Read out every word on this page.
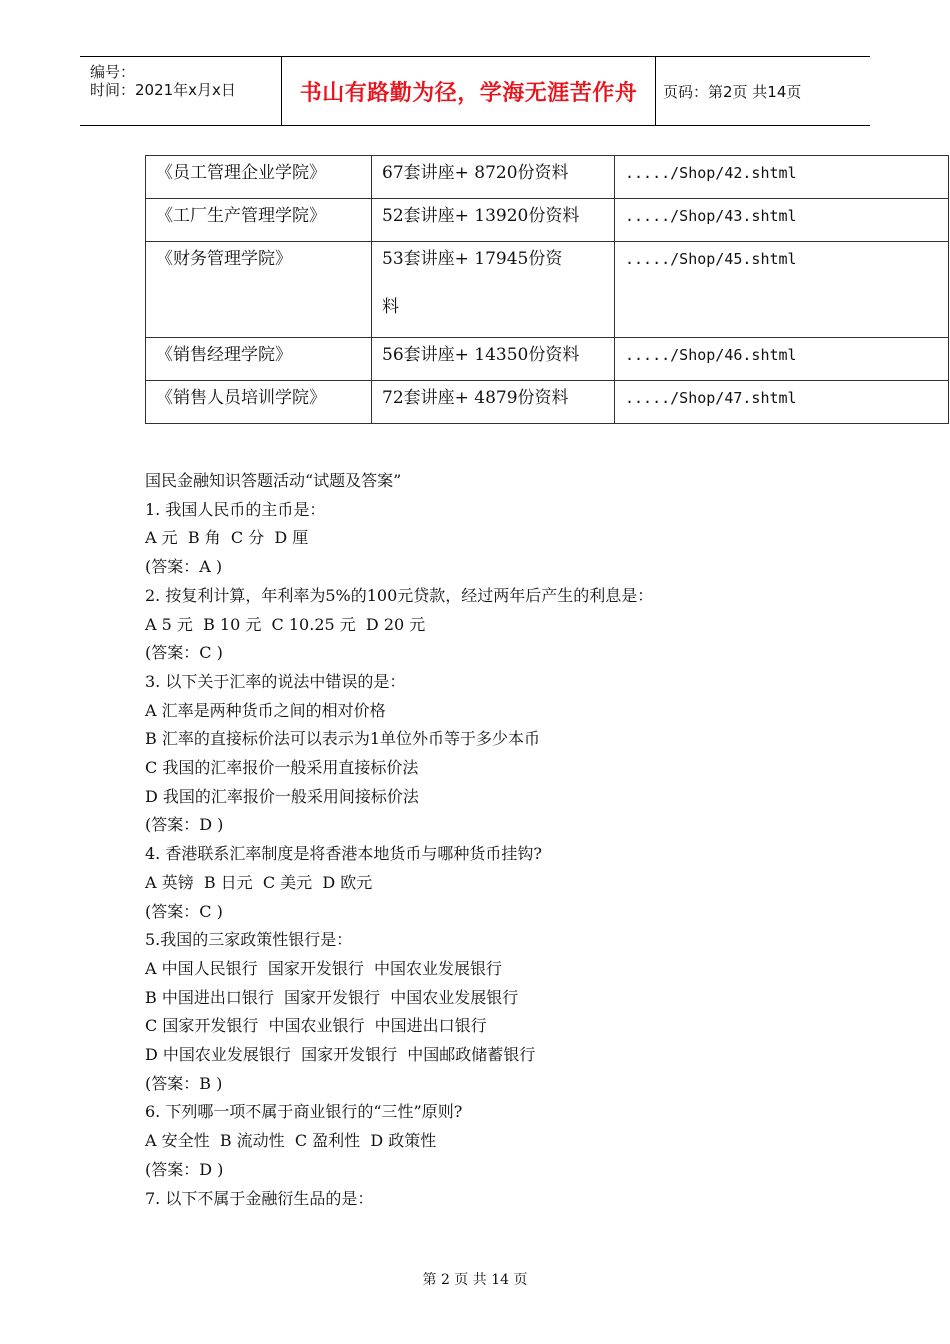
编号：
时间：2021年x月x日	书山有路勤为径，学海无涯苦作舟 页码：第2页 共14页
《员工管理企业学院》	67套讲座+ 8720份资料	...../Shop/42.shtml
《工厂生产管理学院》	52套讲座+ 13920份资料	...../Shop/43.shtml
《财务管理学院》	53套讲座+ 17945份资料	...../Shop/45.shtml
《销售经理学院》	56套讲座+ 14350份资料	...../Shop/46.shtml
《销售人员培训学院》	72套讲座+ 4879份资料	...../Shop/47.shtml

国民金融知识答题活动“试题及答案”

1. 我国人民币的主币是：

A 元  B 角  C 分  D 厘

(答案：A )

2. 按复利计算，年利率为5%的100元贷款，经过两年后产生的利息是：

A 5 元  B 10 元  C 10.25 元  D 20 元

(答案：C )

3. 以下关于汇率的说法中错误的是：

A 汇率是两种货币之间的相对价格

B 汇率的直接标价法可以表示为1单位外币等于多少本币

C 我国的汇率报价一般采用直接标价法

D 我国的汇率报价一般采用间接标价法

(答案：D )

4. 香港联系汇率制度是将香港本地货币与哪种货币挂钩?

A 英镑  B 日元  C 美元  D 欧元

(答案：C )

5.我国的三家政策性银行是：

A 中国人民银行  国家开发银行  中国农业发展银行

B 中国进出口银行  国家开发银行  中国农业发展银行

C 国家开发银行  中国农业银行  中国进出口银行

D 中国农业发展银行  国家开发银行  中国邮政储蓄银行

(答案：B )

6. 下列哪一项不属于商业银行的“三性”原则?

A 安全性  B 流动性  C 盈利性  D 政策性

(答案：D )

7. 以下不属于金融衍生品的是：

第 2 页 共 14 页
